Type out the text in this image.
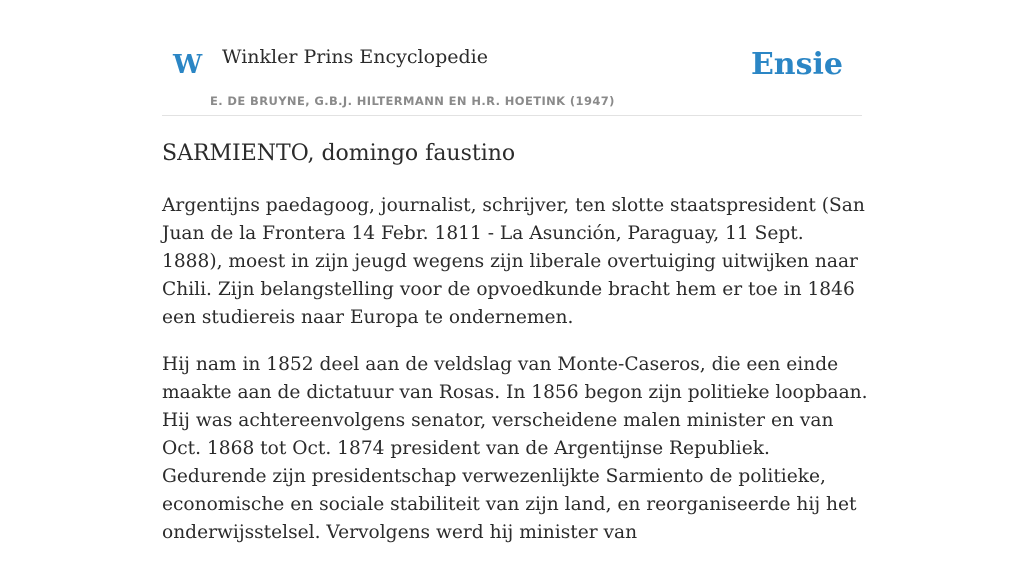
W Winkler Prins Encyclopedie
E. DE BRUYNE, G.B.J. HILTERMANN EN H.R. HOETINK (1947)
Ensie
SARMIENTO, domingo faustino

Argentijns paedagoog, journalist, schrijver, ten slotte staatspresident (San Juan de la Frontera 14 Febr. 1811 - La Asunción, Paraguay, 11 Sept. 1888), moest in zijn jeugd wegens zijn liberale overtuiging uitwijken naar Chili. Zijn belangstelling voor de opvoedkunde bracht hem er toe in 1846 een studiereis naar Europa te ondernemen.

Hij nam in 1852 deel aan de veldslag van Monte-Caseros, die een einde maakte aan de dictatuur van Rosas. In 1856 begon zijn politieke loopbaan. Hij was achtereenvolgens senator, verscheidene malen minister en van Oct. 1868 tot Oct. 1874 president van de Argentijnse Republiek. Gedurende zijn presidentschap verwezenlijkte Sarmiento de politieke, economische en sociale stabiliteit van zijn land, en reorganiseerde hij het onderwijsstelsel. Vervolgens werd hij minister van
